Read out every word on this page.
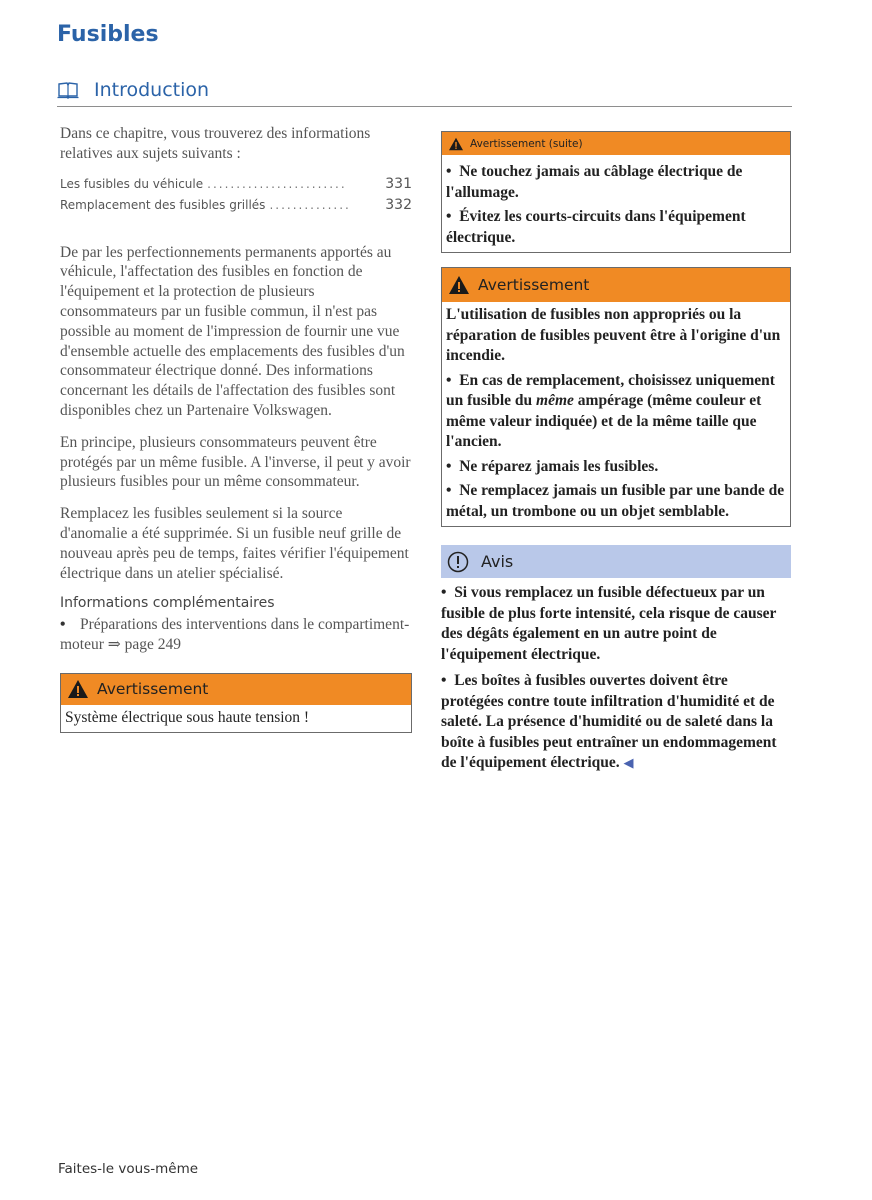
Fusibles
Introduction

Dans ce chapitre, vous trouverez des informations relatives aux sujets suivants :

Les fusibles du véhicule ........................	331
Remplacement des fusibles grillés ..............	332

De par les perfectionnements permanents apportés au véhicule, l'affectation des fusibles en fonction de l'équipement et la protection de plusieurs consommateurs par un fusible commun, il n'est pas possible au moment de l'impression de fournir une vue d'ensemble actuelle des emplacements des fusibles d'un consommateur électrique donné. Des informations concernant les détails de l'affectation des fusibles sont disponibles chez un Partenaire Volkswagen.

En principe, plusieurs consommateurs peuvent être protégés par un même fusible. A l'inverse, il peut y avoir plusieurs fusibles pour un même consommateur.

Remplacez les fusibles seulement si la source d'anomalie a été supprimée. Si un fusible neuf grille de nouveau après peu de temps, faites vérifier l'équipement électrique dans un atelier spécialisé.

Informations complémentaires

• Préparations des interventions dans le compartiment-moteur ⇒ page 249

Avertissement
Système électrique sous haute tension !
Avertissement (suite)

•  Ne touchez jamais au câblage électrique de l'allumage.

•  Évitez les courts-circuits dans l'équipement électrique.

Avertissement

L'utilisation de fusibles non appropriés ou la réparation de fusibles peuvent être à l'origine d'un incendie.

•  En cas de remplacement, choisissez uniquement un fusible du même ampérage (même couleur et même valeur indiquée) et de la même taille que l'ancien.

•  Ne réparez jamais les fusibles.

•  Ne remplacez jamais un fusible par une bande de métal, un trombone ou un objet semblable.

Avis

•  Si vous remplacez un fusible défectueux par un fusible de plus forte intensité, cela risque de causer des dégâts également en un autre point de l'équipement électrique.

•  Les boîtes à fusibles ouvertes doivent être protégées contre toute infiltration d'humidité et de saleté. La présence d'humidité ou de saleté dans la boîte à fusibles peut entraîner un endommagement de l'équipement électrique. ◀

Faites-le vous-même
